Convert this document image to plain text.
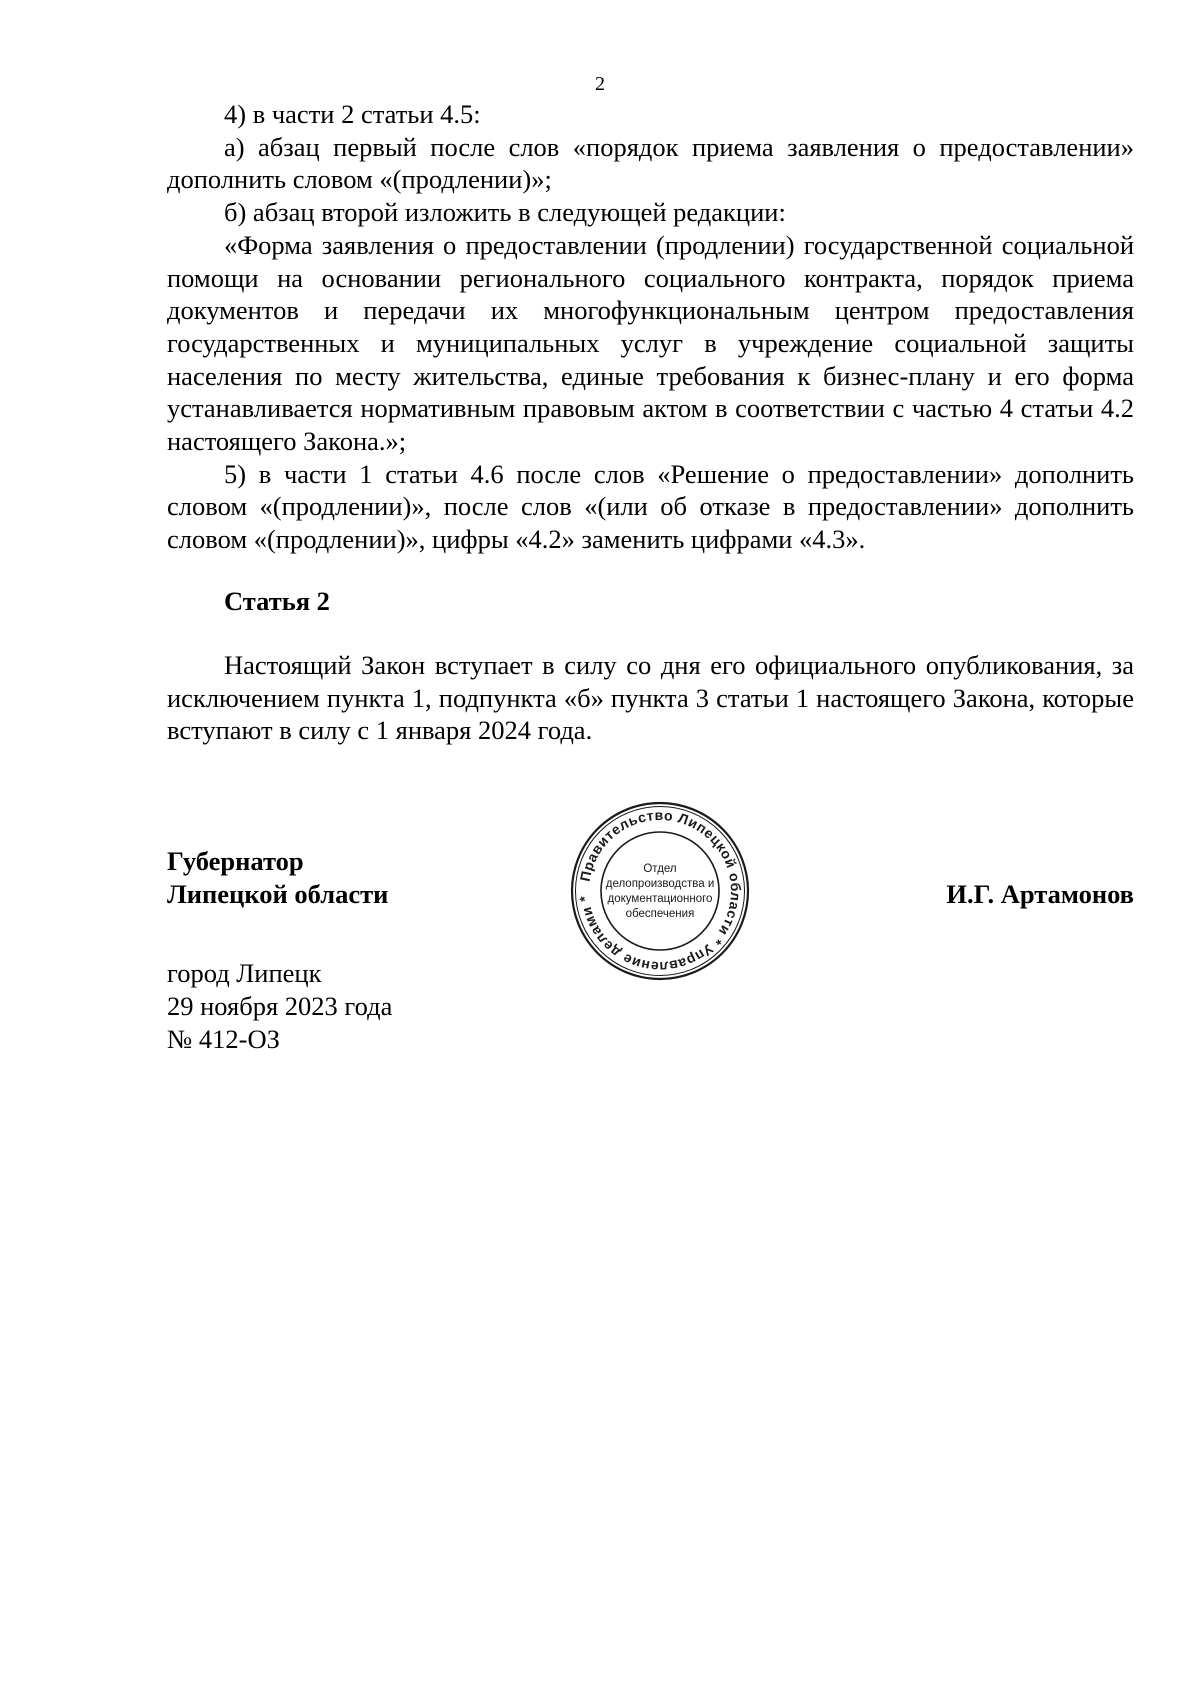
2

4) в части 2 статьи 4.5:

а) абзац первый после слов «порядок приема заявления о предоставлении» дополнить словом «(продлении)»;

б) абзац второй изложить в следующей редакции:

«Форма заявления о предоставлении (продлении) государственной социальной помощи на основании регионального социального контракта, порядок приема документов и передачи их многофункциональным центром предоставления государственных и муниципальных услуг в учреждение социальной защиты населения по месту жительства, единые требования к бизнес-плану и его форма устанавливается нормативным правовым актом в соответствии с частью 4 статьи 4.2 настоящего Закона.»;

5) в части 1 статьи 4.6 после слов «Решение о предоставлении» дополнить словом «(продлении)», после слов «(или об отказе в предоставлении» дополнить словом «(продлении)», цифры «4.2» заменить цифрами «4.3».

Статья 2

Настоящий Закон вступает в силу со дня его официального опубликования, за исключением пункта 1, подпункта «б» пункта 3 статьи 1 настоящего Закона, которые вступают в силу с 1 января 2024 года.

Губернатор
Липецкой области
Правительство Липецкой области * Управление делами *
Отдел
делопроизводства и
документационного
обеспечения
И.Г. Артамонов
город Липецк
29 ноября 2023 года
№ 412-ОЗ
